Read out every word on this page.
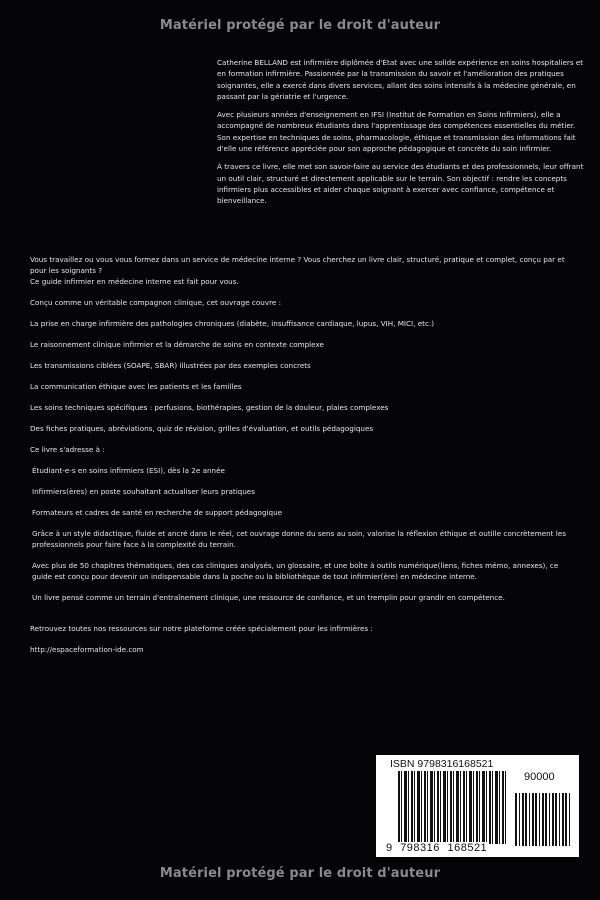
Matériel protégé par le droit d'auteur

Catherine BELLAND est infirmière diplômée d'État avec une solide expérience en soins hospitaliers et en formation infirmière. Passionnée par la transmission du savoir et l'amélioration des pratiques soignantes, elle a exercé dans divers services, allant des soins intensifs à la médecine générale, en passant par la gériatrie et l'urgence.

Avec plusieurs années d'enseignement en IFSI (Institut de Formation en Soins Infirmiers), elle a accompagné de nombreux étudiants dans l'apprentissage des compétences essentielles du métier. Son expertise en techniques de soins, pharmacologie, éthique et transmission des informations fait d'elle une référence appréciée pour son approche pédagogique et concrète du soin infirmier.

À travers ce livre, elle met son savoir-faire au service des étudiants et des professionnels, leur offrant un outil clair, structuré et directement applicable sur le terrain. Son objectif : rendre les concepts infirmiers plus accessibles et aider chaque soignant à exercer avec confiance, compétence et bienveillance.

Vous travaillez ou vous vous formez dans un service de médecine interne ? Vous cherchez un livre clair, structuré, pratique et complet, conçu par et pour les soignants ?

Ce guide infirmier en médecine interne est fait pour vous.

Conçu comme un véritable compagnon clinique, cet ouvrage couvre :

La prise en charge infirmière des pathologies chroniques (diabète, insuffisance cardiaque, lupus, VIH, MICI, etc.)

Le raisonnement clinique infirmier et la démarche de soins en contexte complexe

Les transmissions ciblées (SOAPE, SBAR) illustrées par des exemples concrets

La communication éthique avec les patients et les familles

Les soins techniques spécifiques : perfusions, biothérapies, gestion de la douleur, plaies complexes

Des fiches pratiques, abréviations, quiz de révision, grilles d'évaluation, et outils pédagogiques

Ce livre s'adresse à :

Étudiant-e-s en soins infirmiers (ESI), dès la 2e année

Infirmiers(ères) en poste souhaitant actualiser leurs pratiques

Formateurs et cadres de santé en recherche de support pédagogique

Grâce à un style didactique, fluide et ancré dans le réel, cet ouvrage donne du sens au soin, valorise la réflexion éthique et outille concrètement les professionnels pour faire face à la complexité du terrain.

Avec plus de 50 chapitres thématiques, des cas cliniques analysés, un glossaire, et une boîte à outils numérique(liens, fiches mémo, annexes), ce guide est conçu pour devenir un indispensable dans la poche ou la bibliothèque de tout infirmier(ère) en médecine interne.

Un livre pensé comme un terrain d'entraînement clinique, une ressource de confiance, et un tremplin pour grandir en compétence.

Retrouvez toutes nos ressources sur notre plateforme créée spécialement pour les infirmières :

http://espaceformation-ide.com

ISBN 9798316168521
90000
9 798316 168521
Matériel protégé par le droit d'auteur
